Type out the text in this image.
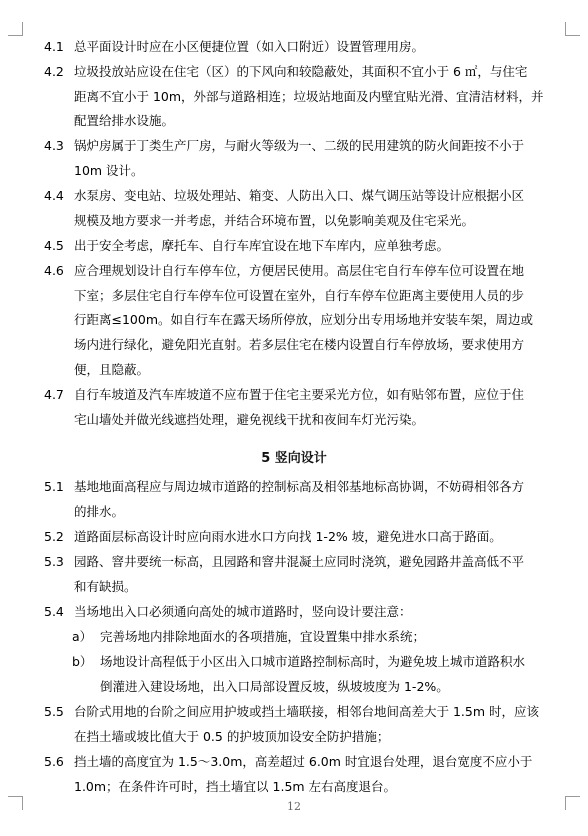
4.1 总平面设计时应在小区便捷位置（如入口附近）设置管理用房。
4.2 垃圾投放站应设在住宅（区）的下风向和较隐蔽处，其面积不宜小于 6 ㎡，与住宅
距离不宜小于 10m，外部与道路相连；垃圾站地面及内壁宜贴光滑、宜清洁材料，并
配置给排水设施。
4.3 锅炉房属于丁类生产厂房，与耐火等级为一、二级的民用建筑的防火间距按不小于
10m 设计。
4.4 水泵房、变电站、垃圾处理站、箱变、人防出入口、煤气调压站等设计应根据小区
规模及地方要求一并考虑，并结合环境布置，以免影响美观及住宅采光。
4.5 出于安全考虑，摩托车、自行车库宜设在地下车库内，应单独考虑。
4.6 应合理规划设计自行车停车位，方便居民使用。高层住宅自行车停车位可设置在地
下室；多层住宅自行车停车位可设置在室外，自行车停车位距离主要使用人员的步
行距离≤100m。如自行车在露天场所停放，应划分出专用场地并安装车架，周边或
场内进行绿化，避免阳光直射。若多层住宅在楼内设置自行车停放场，要求使用方
便，且隐蔽。
4.7 自行车坡道及汽车库坡道不应布置于住宅主要采光方位，如有贴邻布置，应位于住
宅山墙处并做光线遮挡处理，避免视线干扰和夜间车灯光污染。
5 竖向设计
5.1 基地地面高程应与周边城市道路的控制标高及相邻基地标高协调，不妨碍相邻各方
的排水。
5.2 道路面层标高设计时应向雨水进水口方向找 1-2% 坡，避免进水口高于路面。
5.3 园路、窨井要统一标高，且园路和窨井混凝土应同时浇筑，避免园路井盖高低不平
和有缺损。
5.4 当场地出入口必须通向高处的城市道路时，竖向设计要注意：
a） 完善场地内排除地面水的各项措施，宜设置集中排水系统；
b） 场地设计高程低于小区出入口城市道路控制标高时，为避免坡上城市道路积水
倒灌进入建设场地，出入口局部设置反坡，纵坡坡度为 1-2%。
5.5 台阶式用地的台阶之间应用护坡或挡土墙联接，相邻台地间高差大于 1.5m 时，应该
在挡土墙或坡比值大于 0.5 的护坡顶加设安全防护措施；
5.6 挡土墙的高度宜为 1.5～3.0m，高差超过 6.0m 时宜退台处理，退台宽度不应小于
1.0m；在条件许可时，挡土墙宜以 1.5m 左右高度退台。
12
